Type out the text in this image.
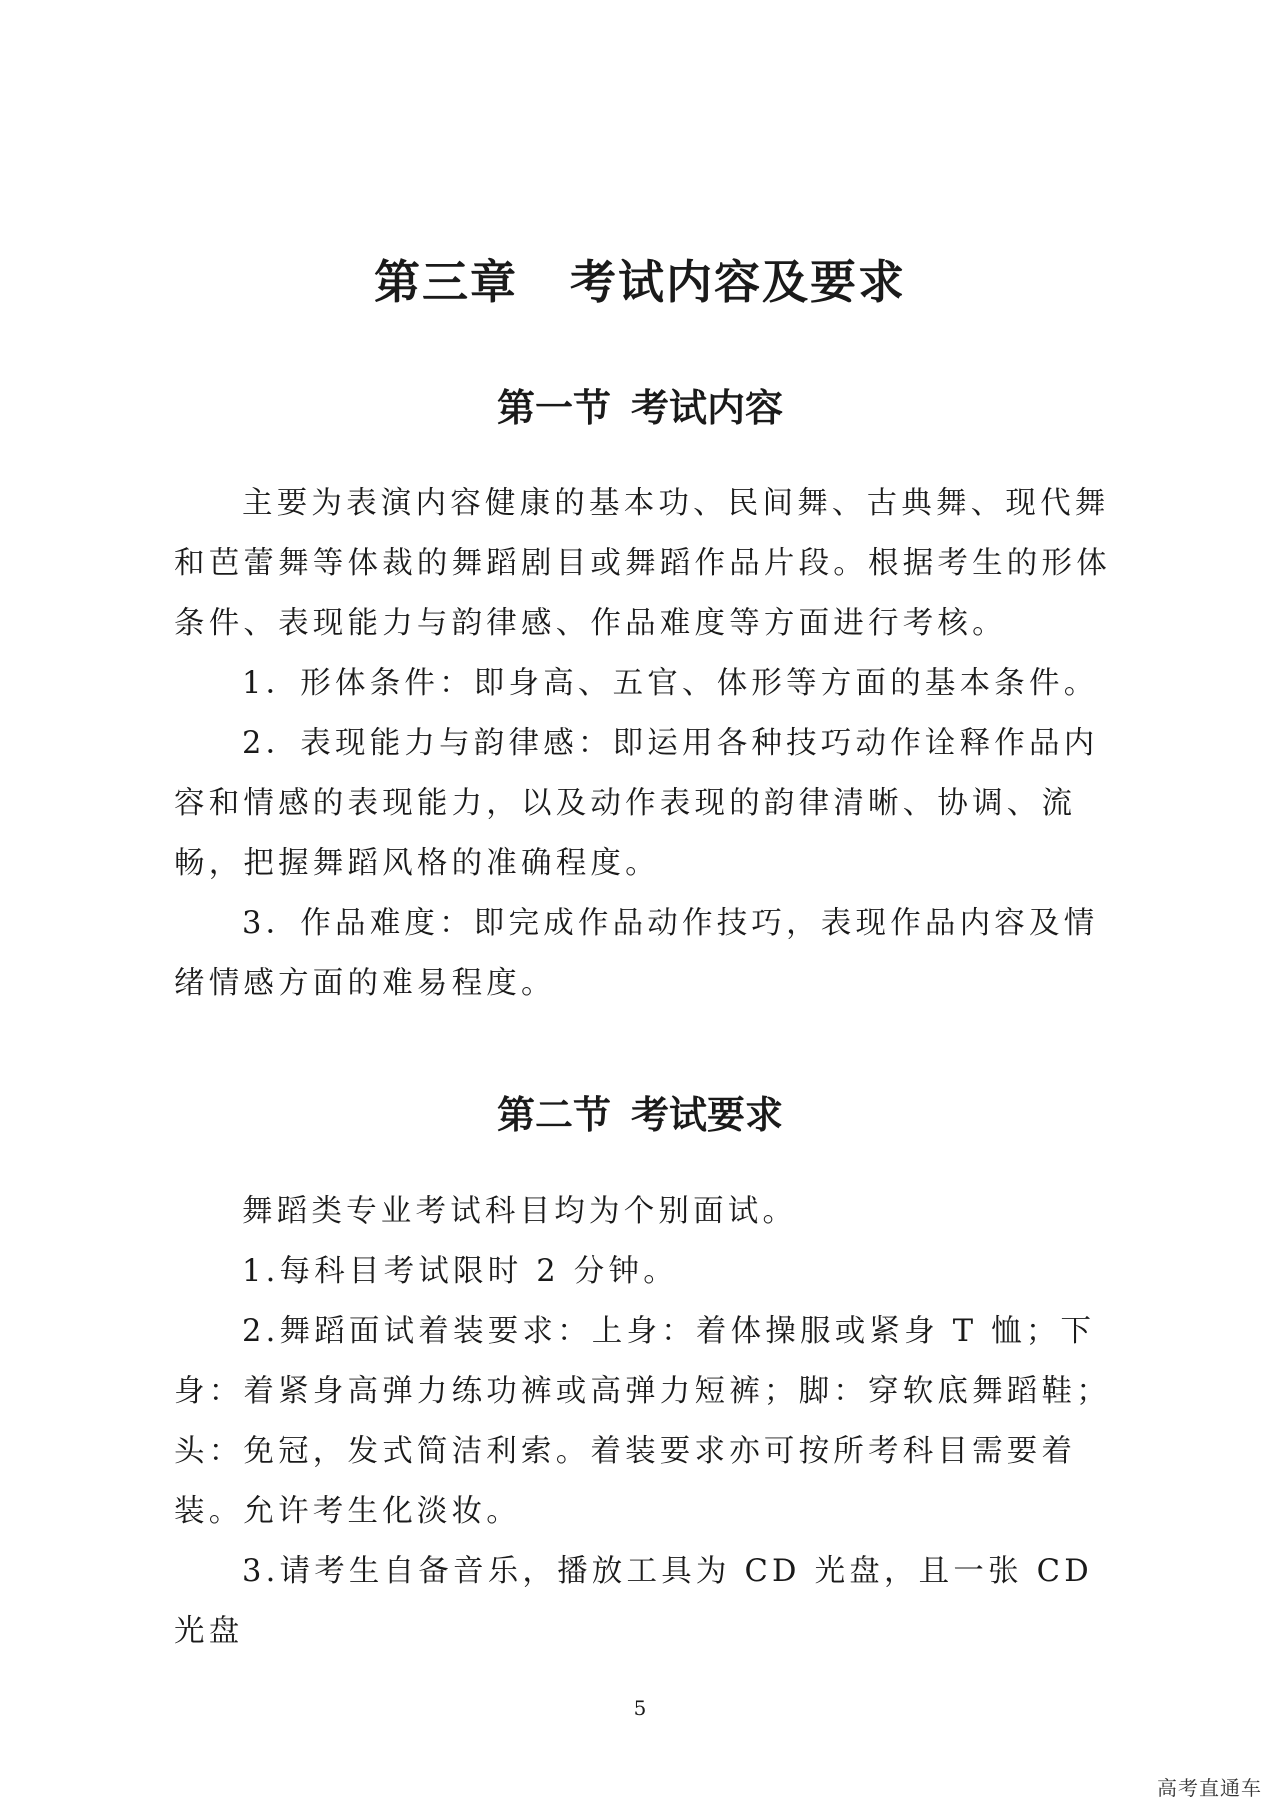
第三章 考试内容及要求
第一节 考试内容

主要为表演内容健康的基本功、民间舞、古典舞、现代舞和芭蕾舞等体裁的舞蹈剧目或舞蹈作品片段。根据考生的形体条件、表现能力与韵律感、作品难度等方面进行考核。

1．形体条件：即身高、五官、体形等方面的基本条件。

2．表现能力与韵律感：即运用各种技巧动作诠释作品内容和情感的表现能力，以及动作表现的韵律清晰、协调、流畅，把握舞蹈风格的准确程度。

3．作品难度：即完成作品动作技巧，表现作品内容及情绪情感方面的难易程度。

第二节 考试要求

舞蹈类专业考试科目均为个别面试。

1.每科目考试限时 2 分钟。

2.舞蹈面试着装要求：上身：着体操服或紧身 T 恤；下身：着紧身高弹力练功裤或高弹力短裤；脚：穿软底舞蹈鞋；头：免冠，发式简洁利索。着装要求亦可按所考科目需要着装。允许考生化淡妆。

3.请考生自备音乐，播放工具为 CD 光盘，且一张 CD 光盘

5
高考直通车
